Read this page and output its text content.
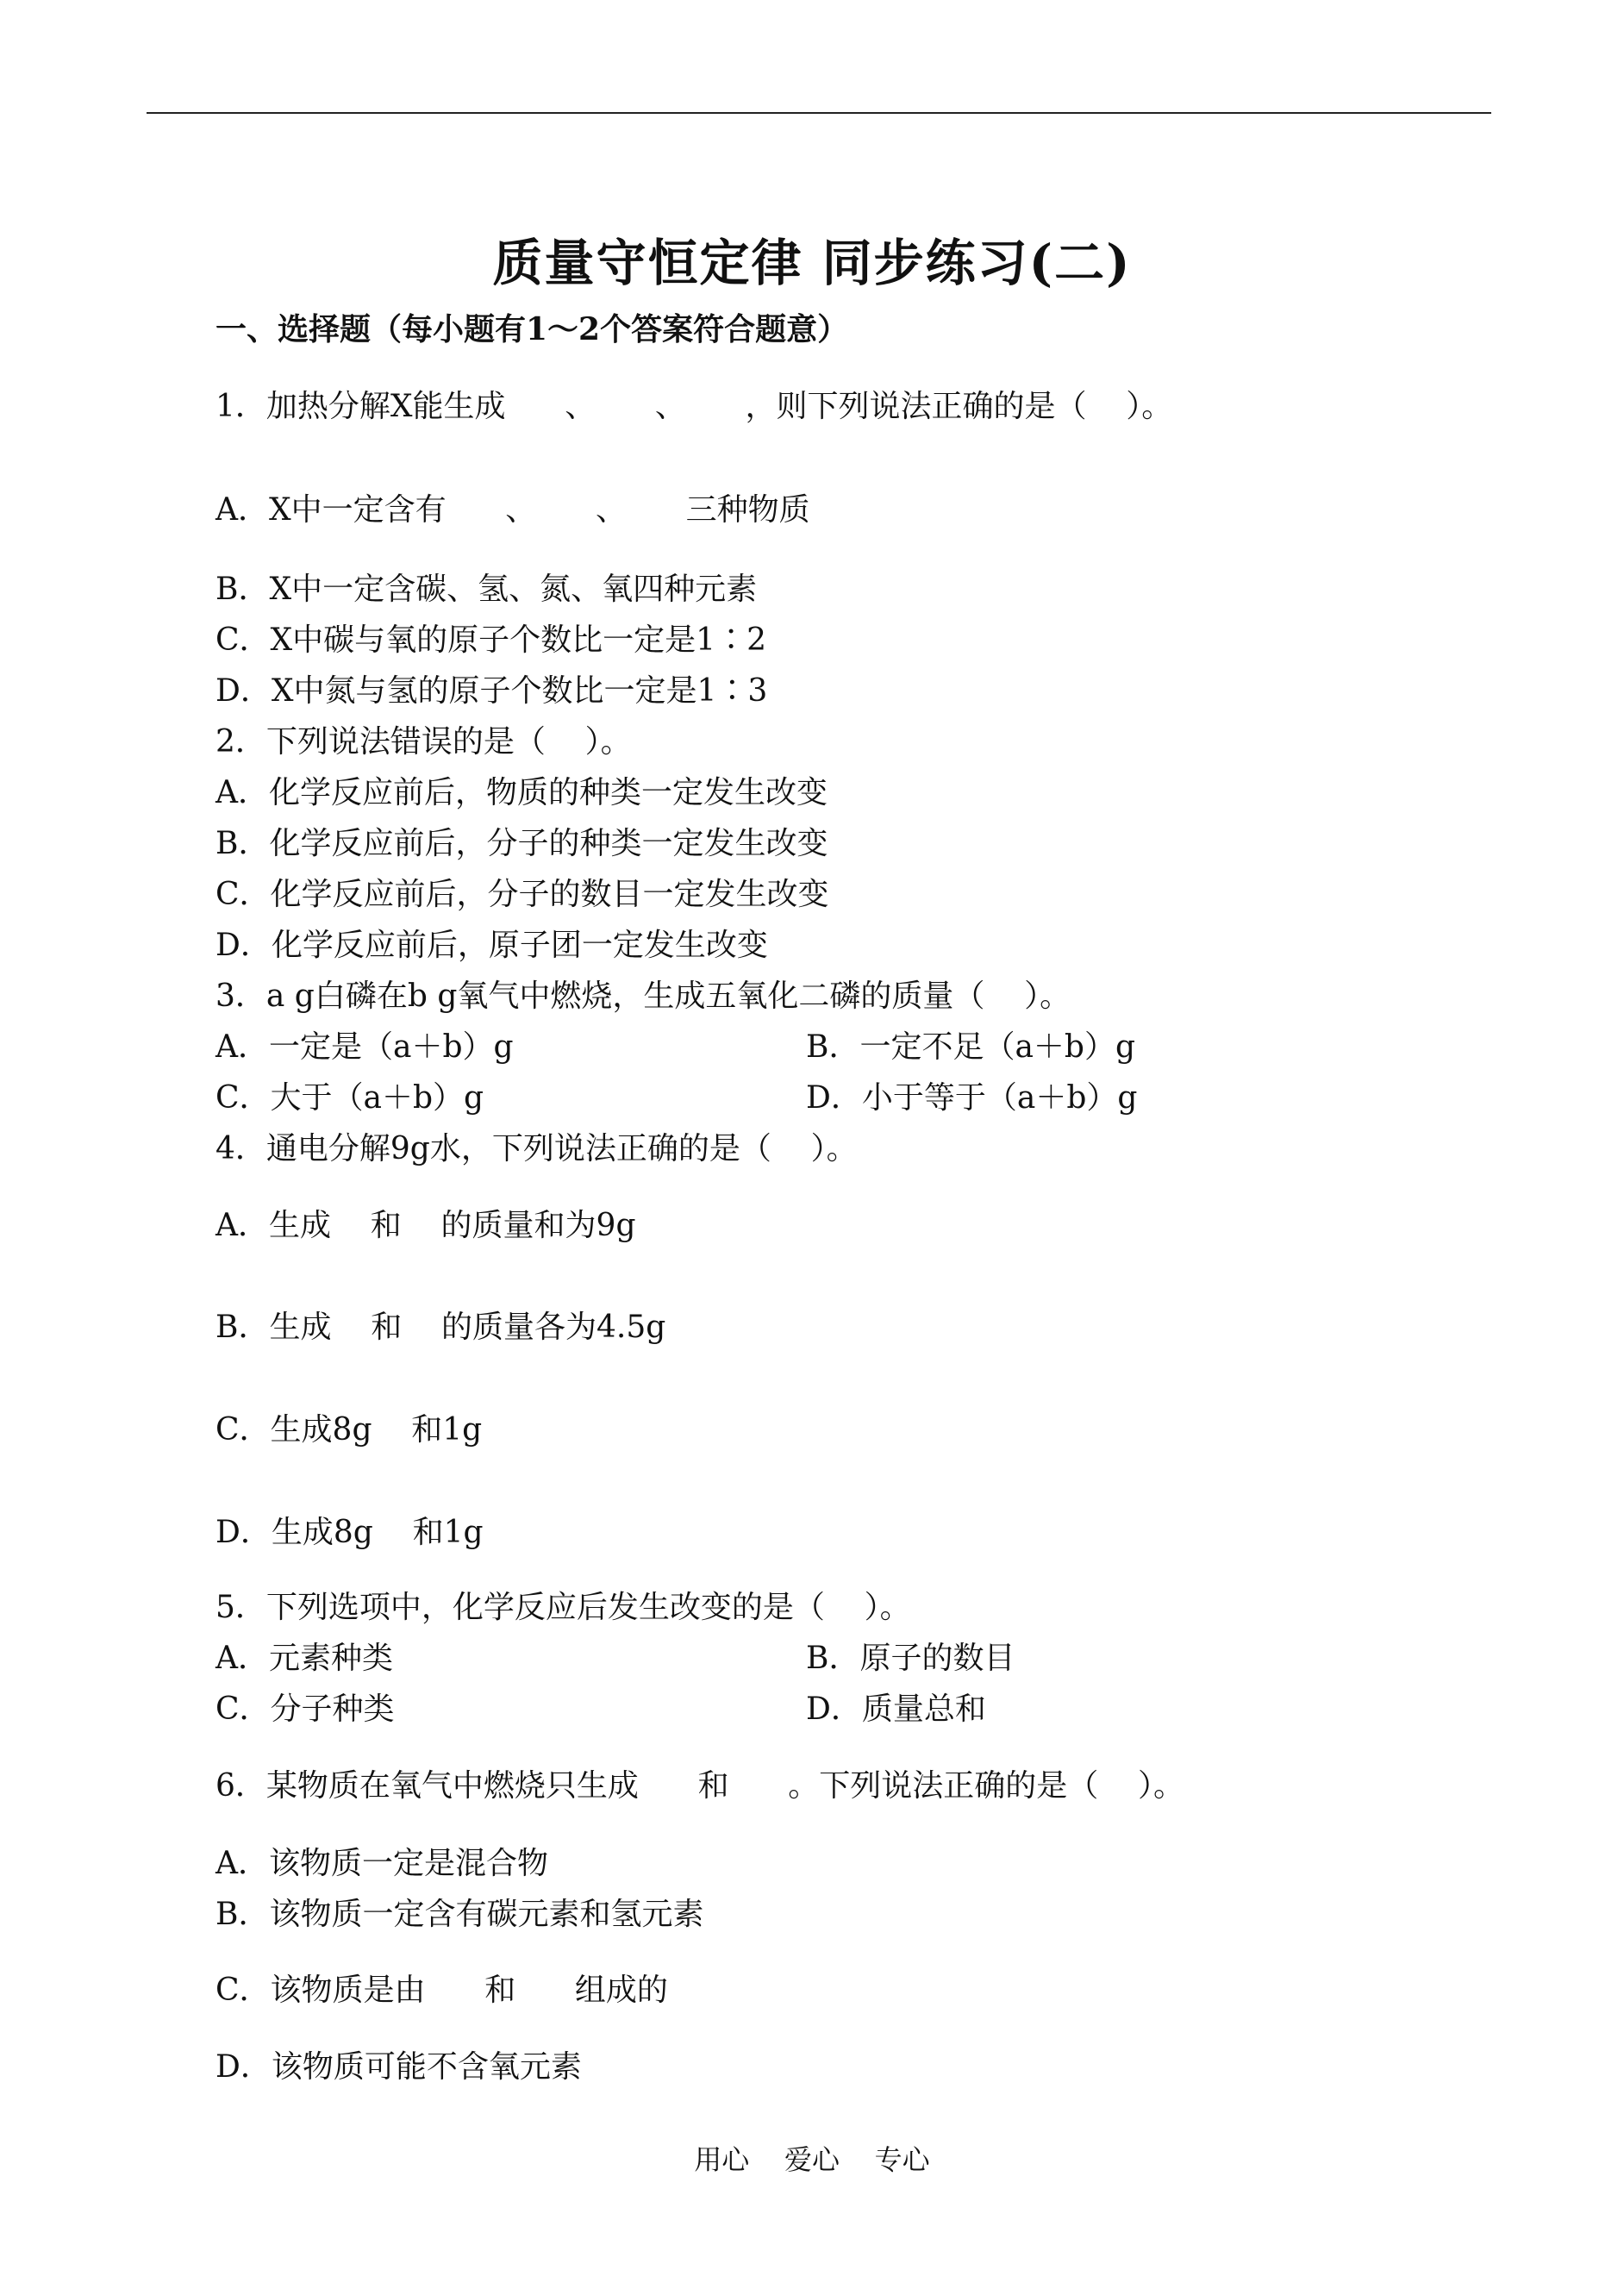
质量守恒定律 同步练习(二)
一、选择题（每小题有1～2个答案符合题意）
1．加热分解X能生成      、      、      ，则下列说法正确的是（    ）。
A．X中一定含有      、      、      三种物质
B．X中一定含碳、氢、氮、氧四种元素
C．X中碳与氧的原子个数比一定是1∶2
D．X中氮与氢的原子个数比一定是1∶3
2．下列说法错误的是（    ）。
A．化学反应前后，物质的种类一定发生改变
B．化学反应前后，分子的种类一定发生改变
C．化学反应前后，分子的数目一定发生改变
D．化学反应前后，原子团一定发生改变
3．a g白磷在b g氧气中燃烧，生成五氧化二磷的质量（    ）。
A．一定是（a＋b）g	B．一定不足（a＋b）g
C．大于（a＋b）g	D．小于等于（a＋b）g
4．通电分解9g水，下列说法正确的是（    ）。
A．生成    和    的质量和为9g
B．生成    和    的质量各为4.5g
C．生成8g    和1g
D．生成8g    和1g
5．下列选项中，化学反应后发生改变的是（    ）。
A．元素种类	B．原子的数目
C．分子种类	D．质量总和
6．某物质在氧气中燃烧只生成      和      。下列说法正确的是（    ）。
A．该物质一定是混合物
B．该物质一定含有碳元素和氢元素
C．该物质是由      和      组成的
D．该物质可能不含氧元素
用心    爱心    专心
